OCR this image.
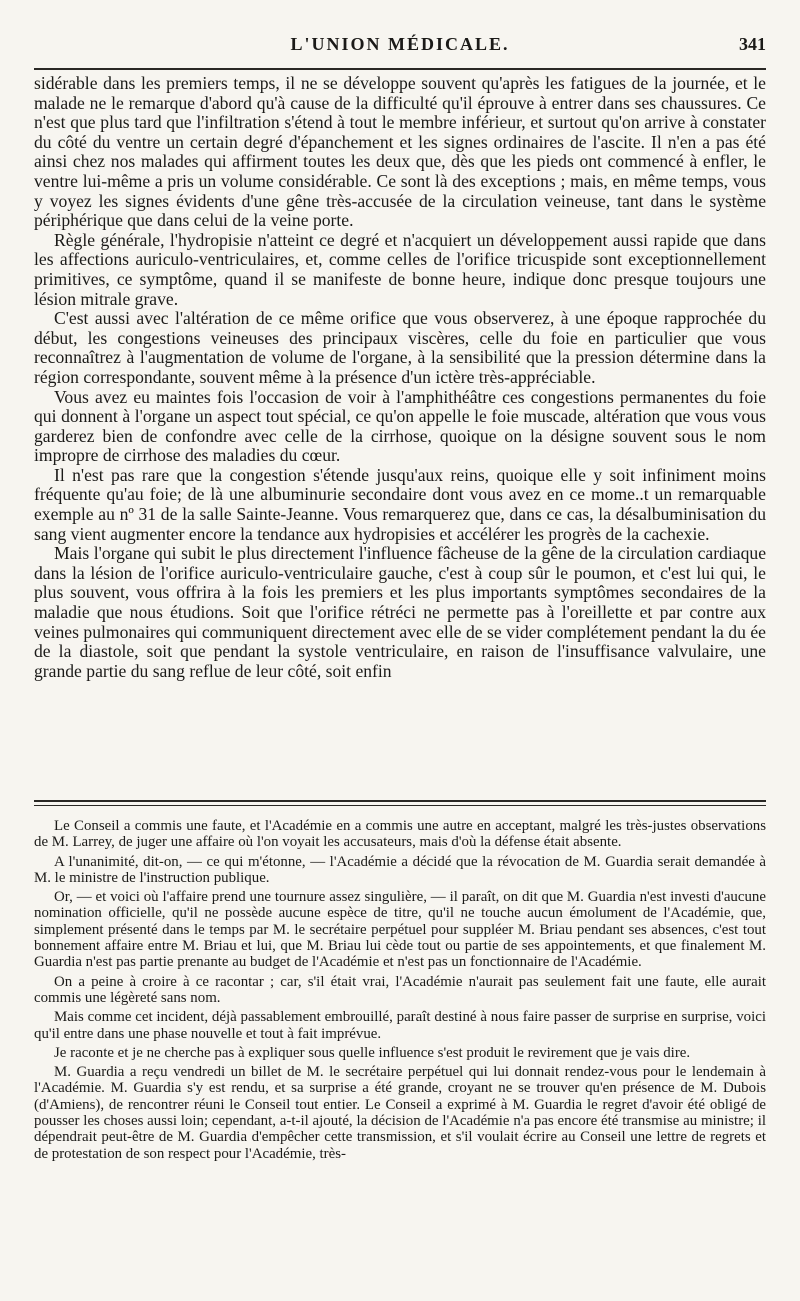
L'UNION MÉDICALE.	341

sidérable dans les premiers temps, il ne se développe souvent qu'après les fatigues de la journée, et le malade ne le remarque d'abord qu'à cause de la difficulté qu'il éprouve à entrer dans ses chaussures. Ce n'est que plus tard que l'infiltration s'étend à tout le membre inférieur, et surtout qu'on arrive à constater du côté du ventre un certain degré d'épanchement et les signes ordinaires de l'ascite. Il n'en a pas été ainsi chez nos malades qui affirment toutes les deux que, dès que les pieds ont commencé à enfler, le ventre lui-même a pris un volume considérable. Ce sont là des exceptions ; mais, en même temps, vous y voyez les signes évidents d'une gêne très-accusée de la circulation veineuse, tant dans le système périphérique que dans celui de la veine porte.

Règle générale, l'hydropisie n'atteint ce degré et n'acquiert un développement aussi rapide que dans les affections auriculo-ventriculaires, et, comme celles de l'orifice tricuspide sont exceptionnellement primitives, ce symptôme, quand il se manifeste de bonne heure, indique donc presque toujours une lésion mitrale grave.

C'est aussi avec l'altération de ce même orifice que vous observerez, à une époque rapprochée du début, les congestions veineuses des principaux viscères, celle du foie en particulier que vous reconnaîtrez à l'augmentation de volume de l'organe, à la sensibilité que la pression détermine dans la région correspondante, souvent même à la présence d'un ictère très-appréciable.

Vous avez eu maintes fois l'occasion de voir à l'amphithéâtre ces congestions permanentes du foie qui donnent à l'organe un aspect tout spécial, ce qu'on appelle le foie muscade, altération que vous vous garderez bien de confondre avec celle de la cirrhose, quoique on la désigne souvent sous le nom impropre de cirrhose des maladies du cœur.

Il n'est pas rare que la congestion s'étende jusqu'aux reins, quoique elle y soit infiniment moins fréquente qu'au foie; de là une albuminurie secondaire dont vous avez en ce mome..t un remarquable exemple au nº 31 de la salle Sainte-Jeanne. Vous remarquerez que, dans ce cas, la désalbuminisation du sang vient augmenter encore la tendance aux hydropisies et accélérer les progrès de la cachexie.

Mais l'organe qui subit le plus directement l'influence fâcheuse de la gêne de la circulation cardiaque dans la lésion de l'orifice auriculo-ventriculaire gauche, c'est à coup sûr le poumon, et c'est lui qui, le plus souvent, vous offrira à la fois les premiers et les plus importants symptômes secondaires de la maladie que nous étudions. Soit que l'orifice rétréci ne permette pas à l'oreillette et par contre aux veines pulmonaires qui communiquent directement avec elle de se vider complétement pendant la du ée de la diastole, soit que pendant la systole ventriculaire, en raison de l'insuffisance valvulaire, une grande partie du sang reflue de leur côté, soit enfin

Le Conseil a commis une faute, et l'Académie en a commis une autre en acceptant, malgré les très-justes observations de M. Larrey, de juger une affaire où l'on voyait les accusateurs, mais d'où la défense était absente.

A l'unanimité, dit-on, — ce qui m'étonne, — l'Académie a décidé que la révocation de M. Guardia serait demandée à M. le ministre de l'instruction publique.

Or, — et voici où l'affaire prend une tournure assez singulière, — il paraît, on dit que M. Guardia n'est investi d'aucune nomination officielle, qu'il ne possède aucune espèce de titre, qu'il ne touche aucun émolument de l'Académie, que, simplement présenté dans le temps par M. le secrétaire perpétuel pour suppléer M. Briau pendant ses absences, c'est tout bonnement affaire entre M. Briau et lui, que M. Briau lui cède tout ou partie de ses appointements, et que finalement M. Guardia n'est pas partie prenante au budget de l'Académie et n'est pas un fonctionnaire de l'Académie.

On a peine à croire à ce racontar ; car, s'il était vrai, l'Académie n'aurait pas seulement fait une faute, elle aurait commis une légèreté sans nom.

Mais comme cet incident, déjà passablement embrouillé, paraît destiné à nous faire passer de surprise en surprise, voici qu'il entre dans une phase nouvelle et tout à fait imprévue.

Je raconte et je ne cherche pas à expliquer sous quelle influence s'est produit le revirement que je vais dire.

M. Guardia a reçu vendredi un billet de M. le secrétaire perpétuel qui lui donnait rendez-vous pour le lendemain à l'Académie. M. Guardia s'y est rendu, et sa surprise a été grande, croyant ne se trouver qu'en présence de M. Dubois (d'Amiens), de rencontrer réuni le Conseil tout entier. Le Conseil a exprimé à M. Guardia le regret d'avoir été obligé de pousser les choses aussi loin; cependant, a-t-il ajouté, la décision de l'Académie n'a pas encore été transmise au ministre; il dépendrait peut-être de M. Guardia d'empêcher cette transmission, et s'il voulait écrire au Conseil une lettre de regrets et de protestation de son respect pour l'Académie, très-
